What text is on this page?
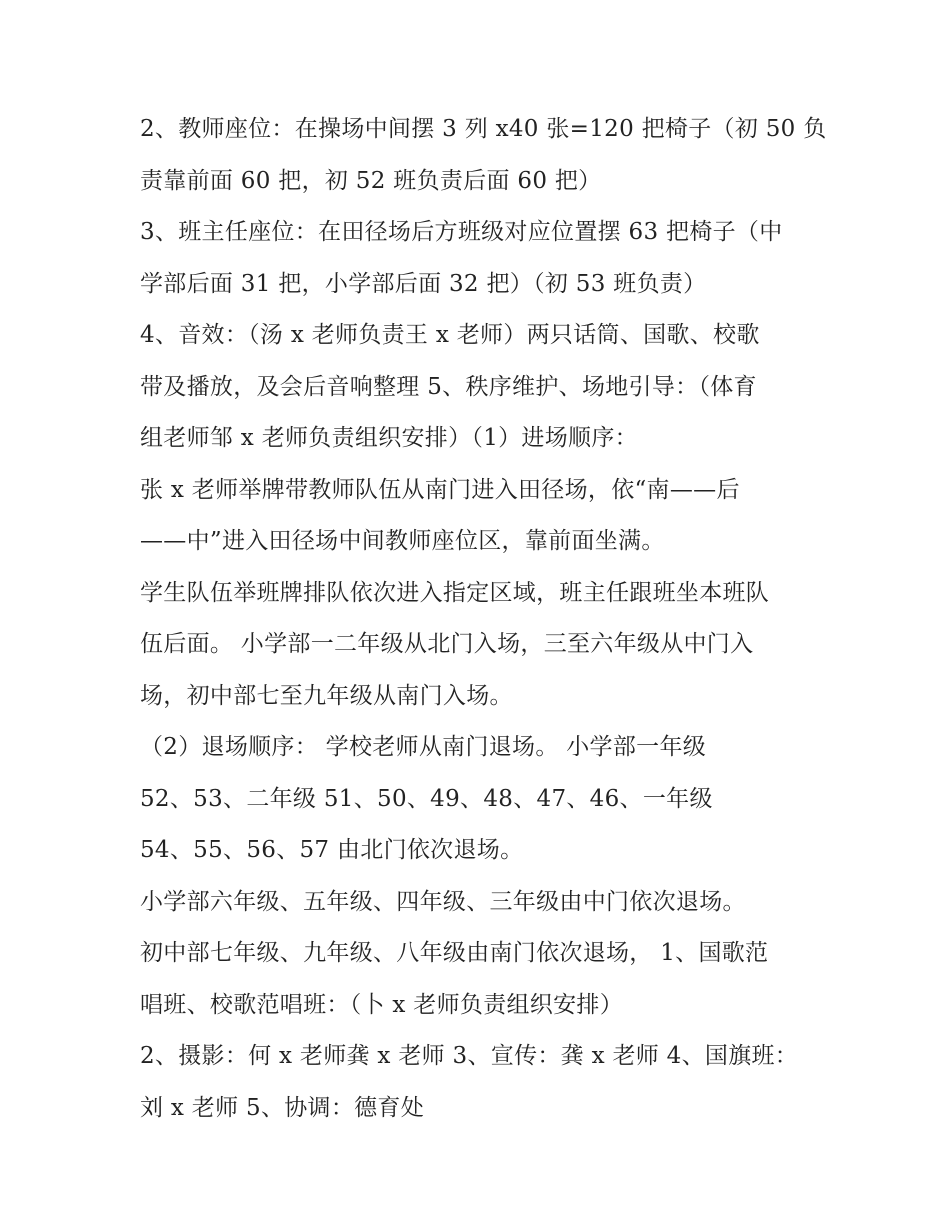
2、教师座位：在操场中间摆 3 列 x40 张=120 把椅子（初 50 负
责靠前面 60 把，初 52 班负责后面 60 把）
3、班主任座位：在田径场后方班级对应位置摆 63 把椅子（中
学部后面 31 把，小学部后面 32 把）（初 53 班负责）
4、音效：（汤 x 老师负责王 x 老师）两只话筒、国歌、校歌
带及播放，及会后音响整理 5、秩序维护、场地引导：（体育
组老师邹 x 老师负责组织安排）（1）进场顺序：
张 x 老师举牌带教师队伍从南门进入田径场，依“南——后
——中”进入田径场中间教师座位区，靠前面坐满。
学生队伍举班牌排队依次进入指定区域，班主任跟班坐本班队
伍后面。 小学部一二年级从北门入场，三至六年级从中门入
场，初中部七至九年级从南门入场。
（2）退场顺序： 学校老师从南门退场。 小学部一年级
52、53、二年级 51、50、49、48、47、46、一年级
54、55、56、57 由北门依次退场。
小学部六年级、五年级、四年级、三年级由中门依次退场。
初中部七年级、九年级、八年级由南门依次退场， 1、国歌范
唱班、校歌范唱班：（卜 x 老师负责组织安排）
2、摄影：何 x 老师龚 x 老师 3、宣传：龚 x 老师 4、国旗班：
刘 x 老师 5、协调：德育处
